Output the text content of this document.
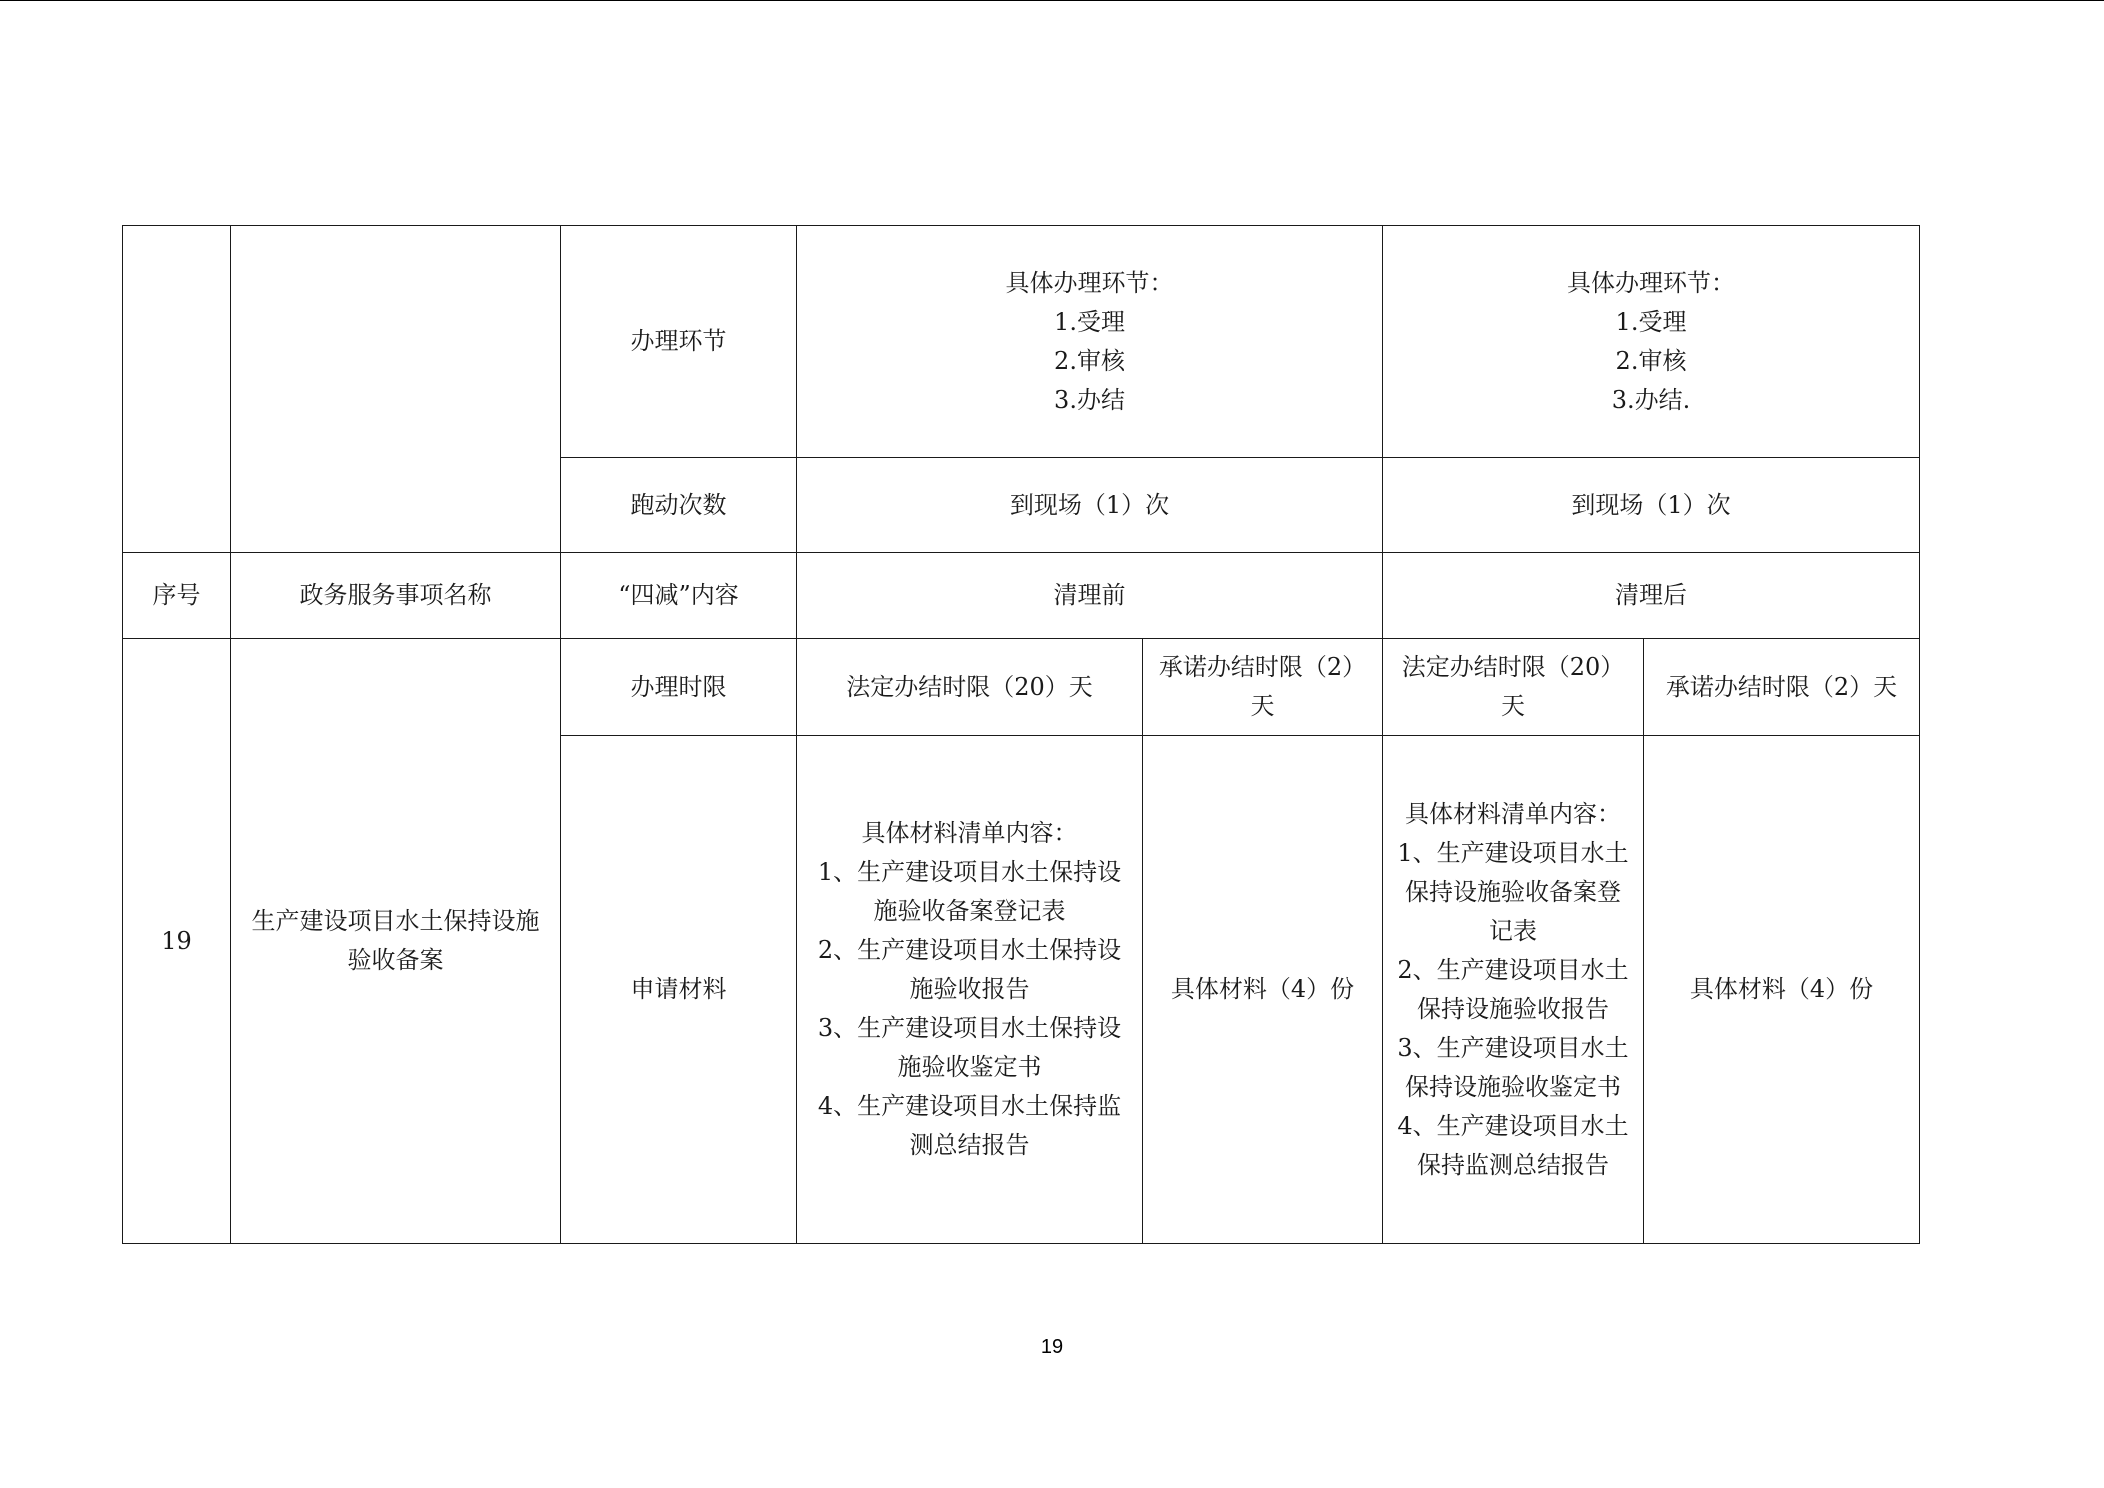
		办理环节	具体办理环节：
1.受理
2.审核
3.办结		具体办理环节：
1.受理
2.审核
3.办结.	

		跑动次数	到现场（1）次		到现场（1）次	
序号	政务服务事项名称	“四减”内容	清理前		清理后	
19	生产建设项目水土保持设施验收备案	办理时限	法定办结时限（20）天	承诺办结时限（2）天	法定办结时限（20）天	承诺办结时限（2）天
		申请材料	具体材料清单内容：
1、生产建设项目水土保持设施验收备案登记表
2、生产建设项目水土保持设施验收报告
3、生产建设项目水土保持设施验收鉴定书
4、生产建设项目水土保持监测总结报告	具体材料（4）份	具体材料清单内容：
1、生产建设项目水土保持设施验收备案登记表
2、生产建设项目水土保持设施验收报告
3、生产建设项目水土保持设施验收鉴定书
4、生产建设项目水土保持监测总结报告	具体材料（4）份
19
